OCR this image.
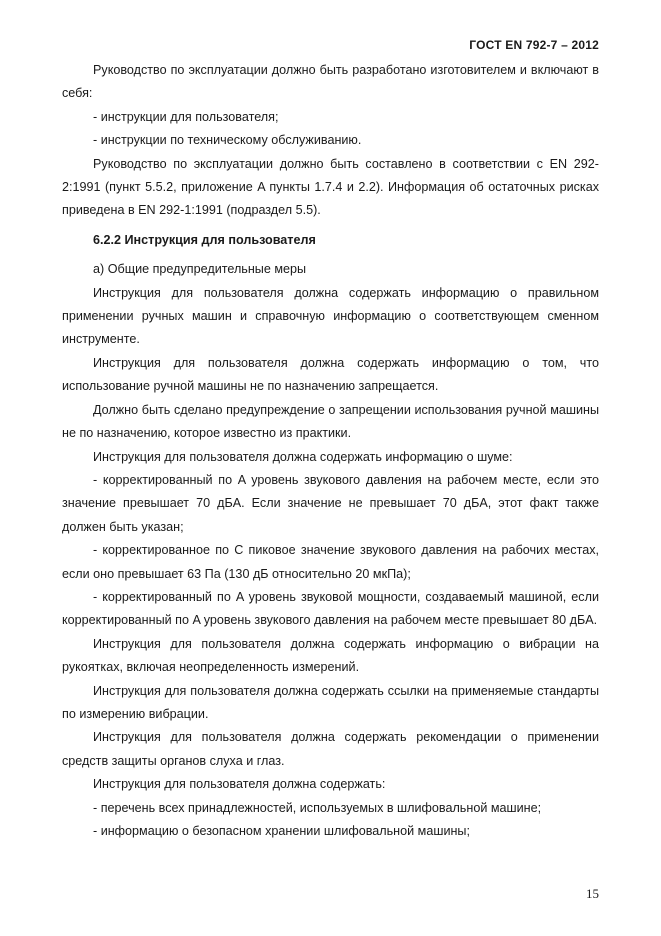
ГОСТ EN 792-7 – 2012

Руководство по эксплуатации должно быть разработано изготовителем и включают в себя:

- инструкции для пользователя;

- инструкции по техническому обслуживанию.

Руководство по эксплуатации должно быть составлено в соответствии с EN 292-2:1991 (пункт 5.5.2, приложение A пункты 1.7.4 и 2.2). Информация об остаточных рисках приведена в EN 292-1:1991 (подраздел 5.5).

6.2.2 Инструкция для пользователя

а) Общие предупредительные меры

Инструкция для пользователя должна содержать информацию о правильном применении ручных машин и справочную информацию о соответствующем сменном инструменте.

Инструкция для пользователя должна содержать информацию о том, что использование ручной машины не по назначению запрещается.

Должно быть сделано предупреждение о запрещении использования ручной машины не по назначению, которое известно из практики.

Инструкция для пользователя должна содержать информацию о шуме:

- корректированный по A уровень звукового давления на рабочем месте, если это значение превышает 70 дБA. Если значение не превышает 70 дБA, этот факт также должен быть указан;

- корректированное по C пиковое значение звукового давления на рабочих местах, если оно превышает 63 Па (130 дБ относительно 20 мкПа);

- корректированный по A уровень звуковой мощности, создаваемый машиной, если корректированный по A уровень звукового давления на рабочем месте превышает 80 дБA.

Инструкция для пользователя должна содержать информацию о вибрации на рукоятках, включая неопределенность измерений.

Инструкция для пользователя должна содержать ссылки на применяемые стандарты по измерению вибрации.

Инструкция для пользователя должна содержать рекомендации о применении средств защиты органов слуха и глаз.

Инструкция для пользователя должна содержать:

- перечень всех принадлежностей, используемых в шлифовальной машине;

- информацию о безопасном хранении шлифовальной машины;

15
